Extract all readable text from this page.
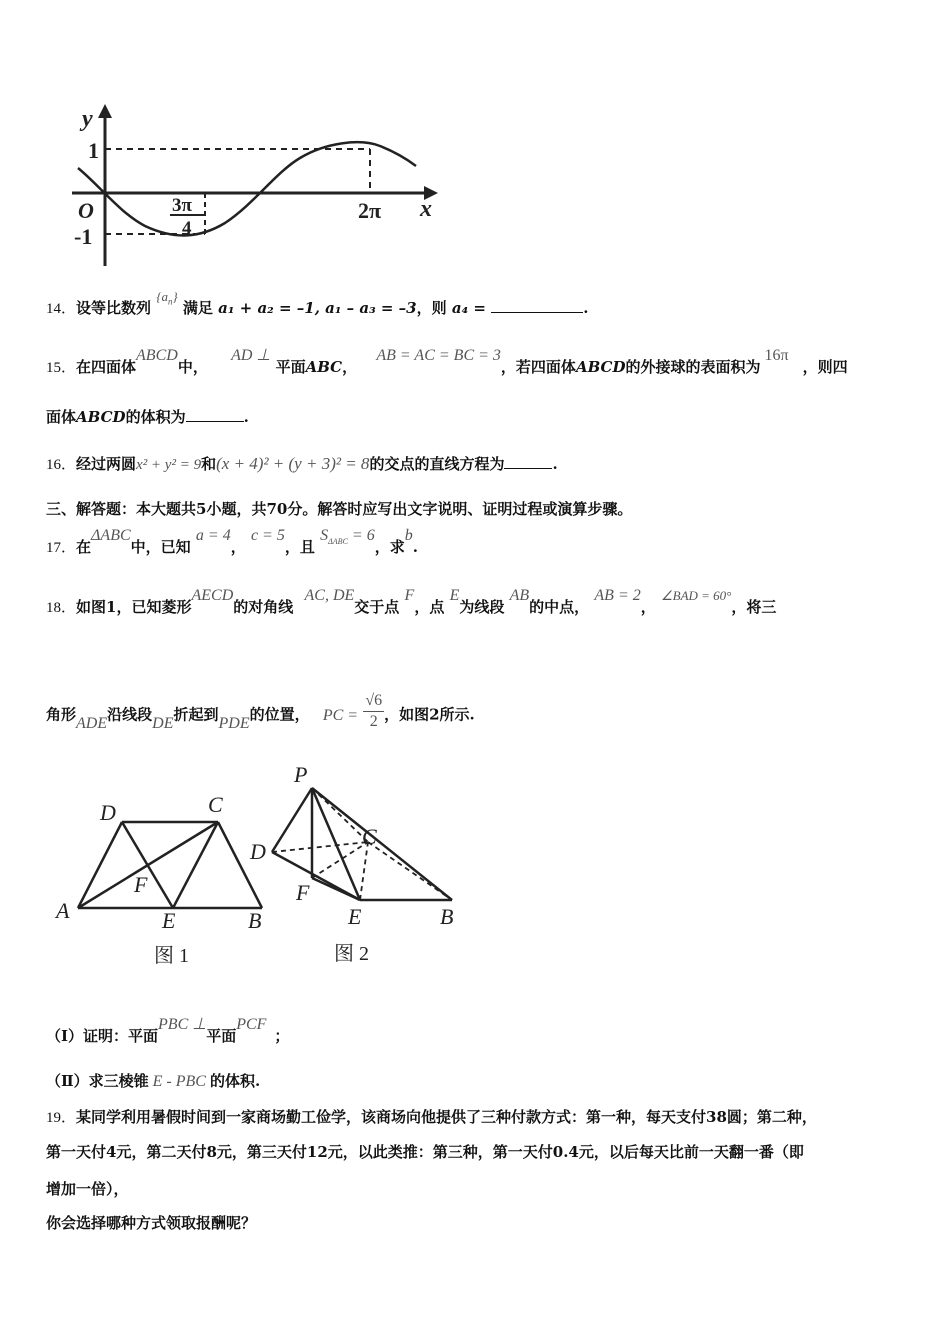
y
x
O
1
-1
3π
4
2π
14．设等比数列 $\{a_n\}$ 满足 a₁ + a₂ = –1, a₁ – a₃ = –3，则 a₄ =	.
15．在四面体ABCD中， AD ⊥ 平面ABC， AB = AC = BC = 3，若四面体ABCD的外接球的表面积为16π，则四
面体ABCD的体积为	.
16．经过两圆x² + y² = 9和(x + 4)² + (y + 3)² = 8的交点的直线方程为	.
三、解答题：本大题共5小题，共70分。解答时应写出文字说明、证明过程或演算步骤。
17．在ΔABC中，已知 a = 4， c = 5，且 $S_{\Delta ABC} = 6$，求b.
18．如图1，已知菱形AECD的对角线 AC, DE交于点 F，点 E为线段 AB的中点， AB = 2， ∠BAD = 60°，将三
角形ADE沿线段DE折起到PDE的位置， PC = $\frac{√6}{2}$ ，如图2所示.
A	B
C
D
E
F
图 1
P
B
C
D
E
F
图 2
（Ⅰ）证明：平面PBC ⊥平面PCF；
（Ⅱ）求三棱锥 E - PBC 的体积.
19．某同学利用暑假时间到一家商场勤工俭学，该商场向他提供了三种付款方式：第一种，每天支付38圆；第二种，
第一天付4元，第二天付8元，第三天付12元，以此类推：第三种，第一天付0.4元，以后每天比前一天翻一番（即
增加一倍），
你会选择哪种方式领取报酬呢？
